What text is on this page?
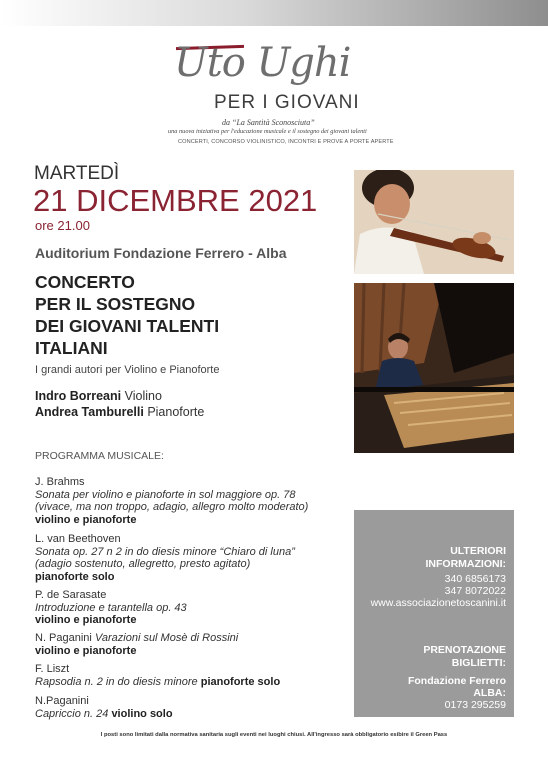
Uto Ughi
PER I GIOVANI
da “La Santità Sconosciuta”
una nuova iniziativa per l'educazione musicale e il sostegno dei giovani talenti
CONCERTI, CONCORSO VIOLINISTICO, INCONTRI E PROVE A PORTE APERTE
MARTEDÌ
21 DICEMBRE 2021
ore 21.00
Auditorium Fondazione Ferrero - Alba
CONCERTO
PER IL SOSTEGNO
DEI GIOVANI TALENTI
ITALIANI
I grandi autori per Violino e Pianoforte
Indro Borreani Violino
Andrea Tamburelli Pianoforte
PROGRAMMA MUSICALE:
J. Brahms
Sonata per violino e pianoforte in sol maggiore op. 78
(vivace, ma non troppo, adagio, allegro molto moderato)
violino e pianoforte
L. van Beethoven
Sonata op. 27 n 2 in do diesis minore “Chiaro di luna”
(adagio sostenuto, allegretto, presto agitato)
pianoforte solo
P. de Sarasate
Introduzione e tarantella op. 43
violino e pianoforte
N. Paganini Varazioni sul Mosè di Rossini
violino e pianoforte
F. Liszt
Rapsodia n. 2 in do diesis minore pianoforte solo
N.Paganini
Capriccio n. 24 violino solo
ULTERIORI
INFORMAZIONI:
340 6856173
347 8072022
www.associazionetoscanini.it
PRENOTAZIONE
BIGLIETTI:
Fondazione Ferrero
ALBA:
0173 295259
I posti sono limitati dalla normativa sanitaria sugli eventi nei luoghi chiusi. All'ingresso sarà obbligatorio esibire il Green Pass
